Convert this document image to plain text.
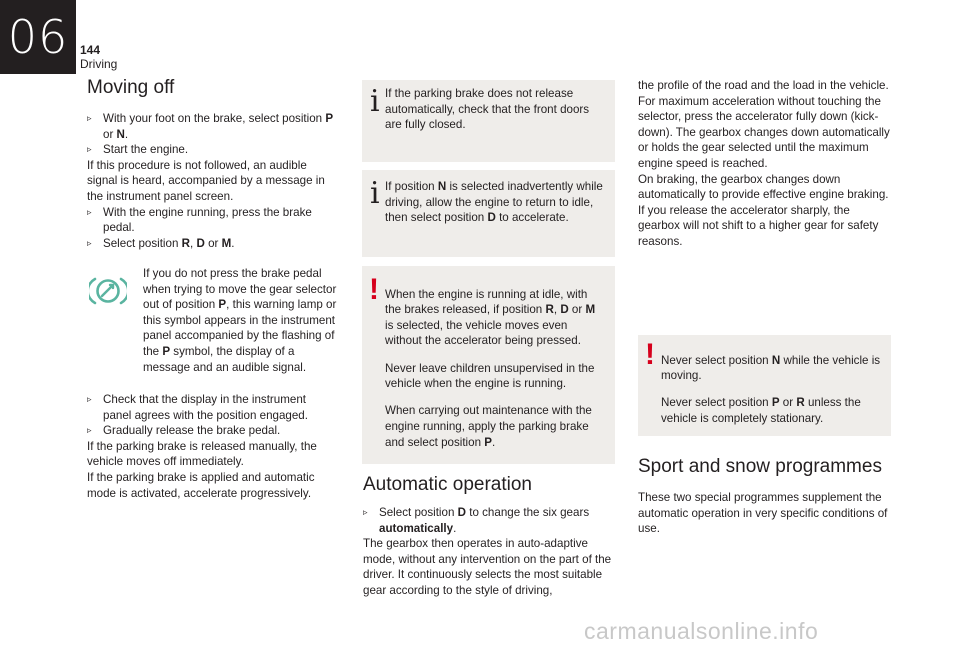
06 144
Driving
Moving off
▹ With your foot on the brake, select position P or N.
▹ Start the engine.

If this procedure is not followed, an audible signal is heard, accompanied by a message in the instrument panel screen.

▹ With the engine running, press the brake pedal.
▹ Select position R, D or M.

If you do not press the brake pedal when trying to move the gear selector out of position P, this warning lamp or this symbol appears in the instrument panel accompanied by the flashing of the P symbol, the display of a message and an audible signal.

▹ Check that the display in the instrument panel agrees with the position engaged.
▹ Gradually release the brake pedal.

If the parking brake is released manually, the vehicle moves off immediately.

If the parking brake is applied and automatic mode is activated, accelerate progressively.

i If the parking brake does not release automatically, check that the front doors are fully closed.
i If position N is selected inadvertently while driving, allow the engine to return to idle, then select position D to accelerate.
! When the engine is running at idle, with the brakes released, if position R, D or M is selected, the vehicle moves even without the accelerator being pressed.

Never leave children unsupervised in the vehicle when the engine is running.

When carrying out maintenance with the engine running, apply the parking brake and select position P.

Automatic operation
▹ Select position D to change the six gears automatically.

The gearbox then operates in auto-adaptive mode, without any intervention on the part of the driver. It continuously selects the most suitable gear according to the style of driving,

the profile of the road and the load in the vehicle.

For maximum acceleration without touching the selector, press the accelerator fully down (kick-down). The gearbox changes down automatically or holds the gear selected until the maximum engine speed is reached.

On braking, the gearbox changes down automatically to provide effective engine braking.

If you release the accelerator sharply, the gearbox will not shift to a higher gear for safety reasons.

! Never select position N while the vehicle is moving.

Never select position P or R unless the vehicle is completely stationary.

Sport and snow programmes

These two special programmes supplement the automatic operation in very specific conditions of use.

carmanualsonline.info
